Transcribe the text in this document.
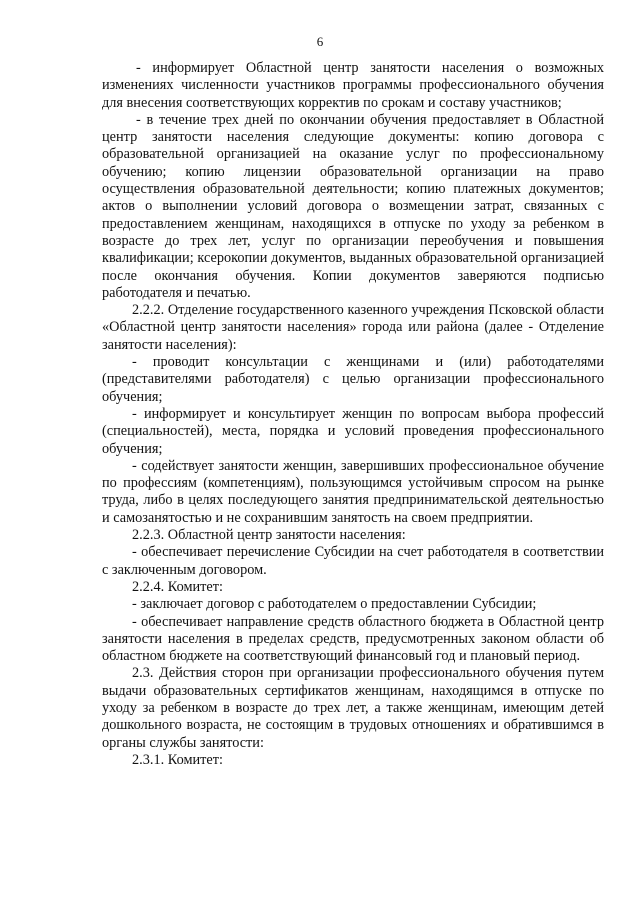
6

- информирует Областной центр занятости населения о возможных изменениях численности участников программы профессионального обучения для внесения соответствующих корректив по срокам и составу участников;

- в течение трех дней по окончании обучения предоставляет в Областной центр занятости населения следующие документы: копию договора с образовательной организацией на оказание услуг по профессиональному обучению; копию лицензии образовательной организации на право осуществления образовательной деятельности; копию платежных документов; актов о выполнении условий договора о возмещении затрат, связанных с предоставлением женщинам, находящихся в отпуске по уходу за ребенком в возрасте до трех лет, услуг по организации переобучения и повышения квалификации; ксерокопии документов, выданных образовательной организацией после окончания обучения. Копии документов заверяются подписью работодателя и печатью.

2.2.2. Отделение государственного казенного учреждения Псковской области «Областной центр занятости населения» города или района (далее - Отделение занятости населения):

- проводит консультации с женщинами и (или) работодателями (представителями работодателя) с целью организации профессионального обучения;

- информирует и консультирует женщин по вопросам выбора профессий (специальностей), места, порядка и условий проведения профессионального обучения;

- содействует занятости женщин, завершивших профессиональное обучение по профессиям (компетенциям), пользующимся устойчивым спросом на рынке труда, либо в целях последующего занятия предпринимательской деятельностью и самозанятостью и не сохранившим занятость на своем предприятии.

2.2.3. Областной центр занятости населения:

- обеспечивает перечисление Субсидии на счет работодателя в соответствии с заключенным договором.

2.2.4. Комитет:

- заключает договор с работодателем о предоставлении Субсидии;

- обеспечивает направление средств областного бюджета в Областной центр занятости населения в пределах средств, предусмотренных законом области об областном бюджете на соответствующий финансовый год и плановый период.

2.3. Действия сторон при организации профессионального обучения путем выдачи образовательных сертификатов женщинам, находящимся в отпуске по уходу за ребенком в возрасте до трех лет, а также женщинам, имеющим детей дошкольного возраста, не состоящим в трудовых отношениях и обратившимся в органы службы занятости:

2.3.1. Комитет:
